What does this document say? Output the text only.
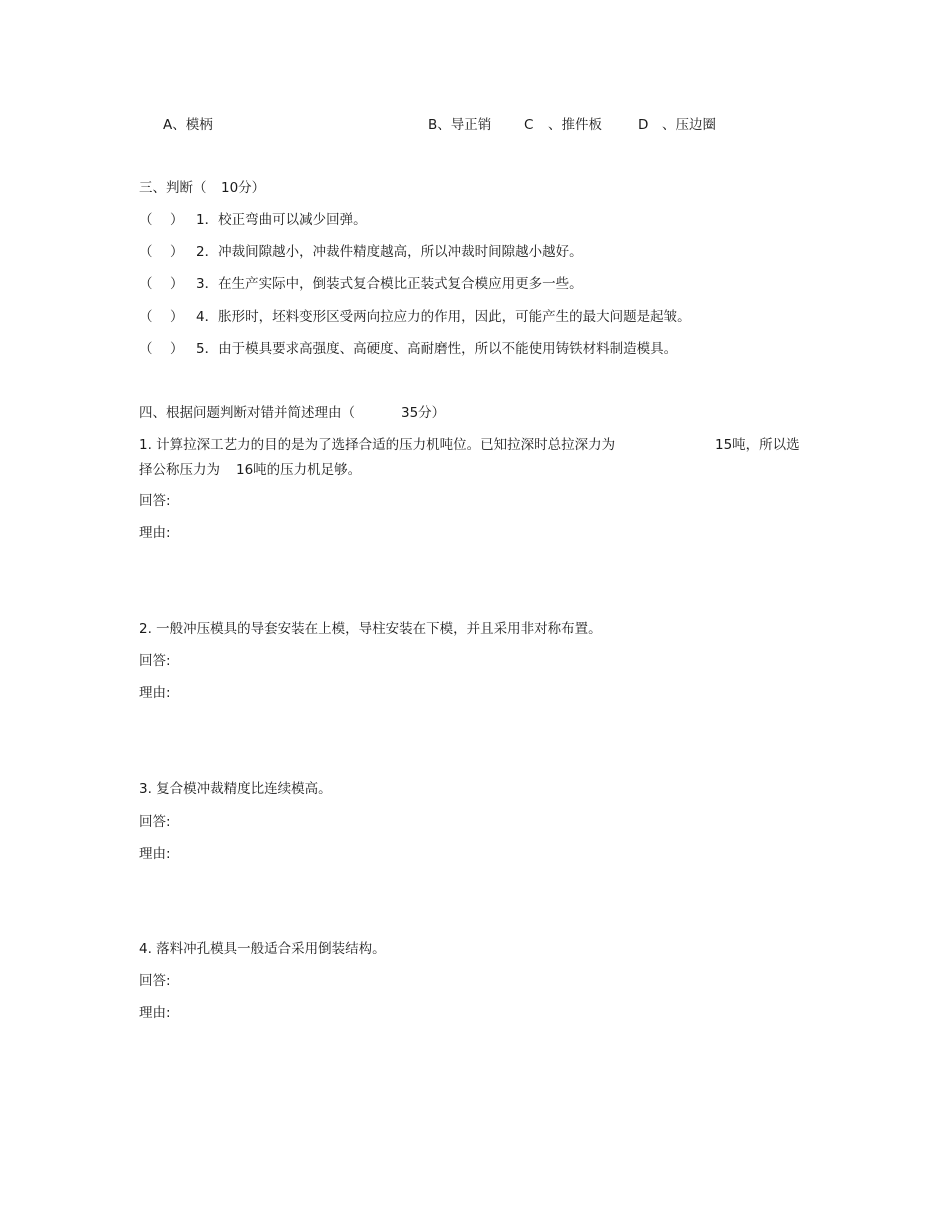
A、模柄	B、导正销 C 、推件板	D 、压边圈
三、判断（ 10分）
（ ） 1．校正弯曲可以减少回弹。
（ ） 2．冲裁间隙越小，冲裁件精度越高，所以冲裁时间隙越小越好。
（ ） 3．在生产实际中，倒装式复合模比正装式复合模应用更多一些。
（ ） 4．胀形时，坯料变形区受两向拉应力的作用，因此，可能产生的最大问题是起皱。
（ ） 5．由于模具要求高强度、高硬度、高耐磨性，所以不能使用铸铁材料制造模具。
四、根据问题判断对错并简述理由（	35分）
1. 计算拉深工艺力的目的是为了选择合适的压力机吨位。已知拉深时总拉深力为	15吨，所以选
择公称压力为 16吨的压力机足够。
回答:
理由:
2. 一般冲压模具的导套安装在上模，导柱安装在下模，并且采用非对称布置。
回答:
理由:
3. 复合模冲裁精度比连续模高。
回答:
理由:
4. 落料冲孔模具一般适合采用倒装结构。
回答:
理由:
